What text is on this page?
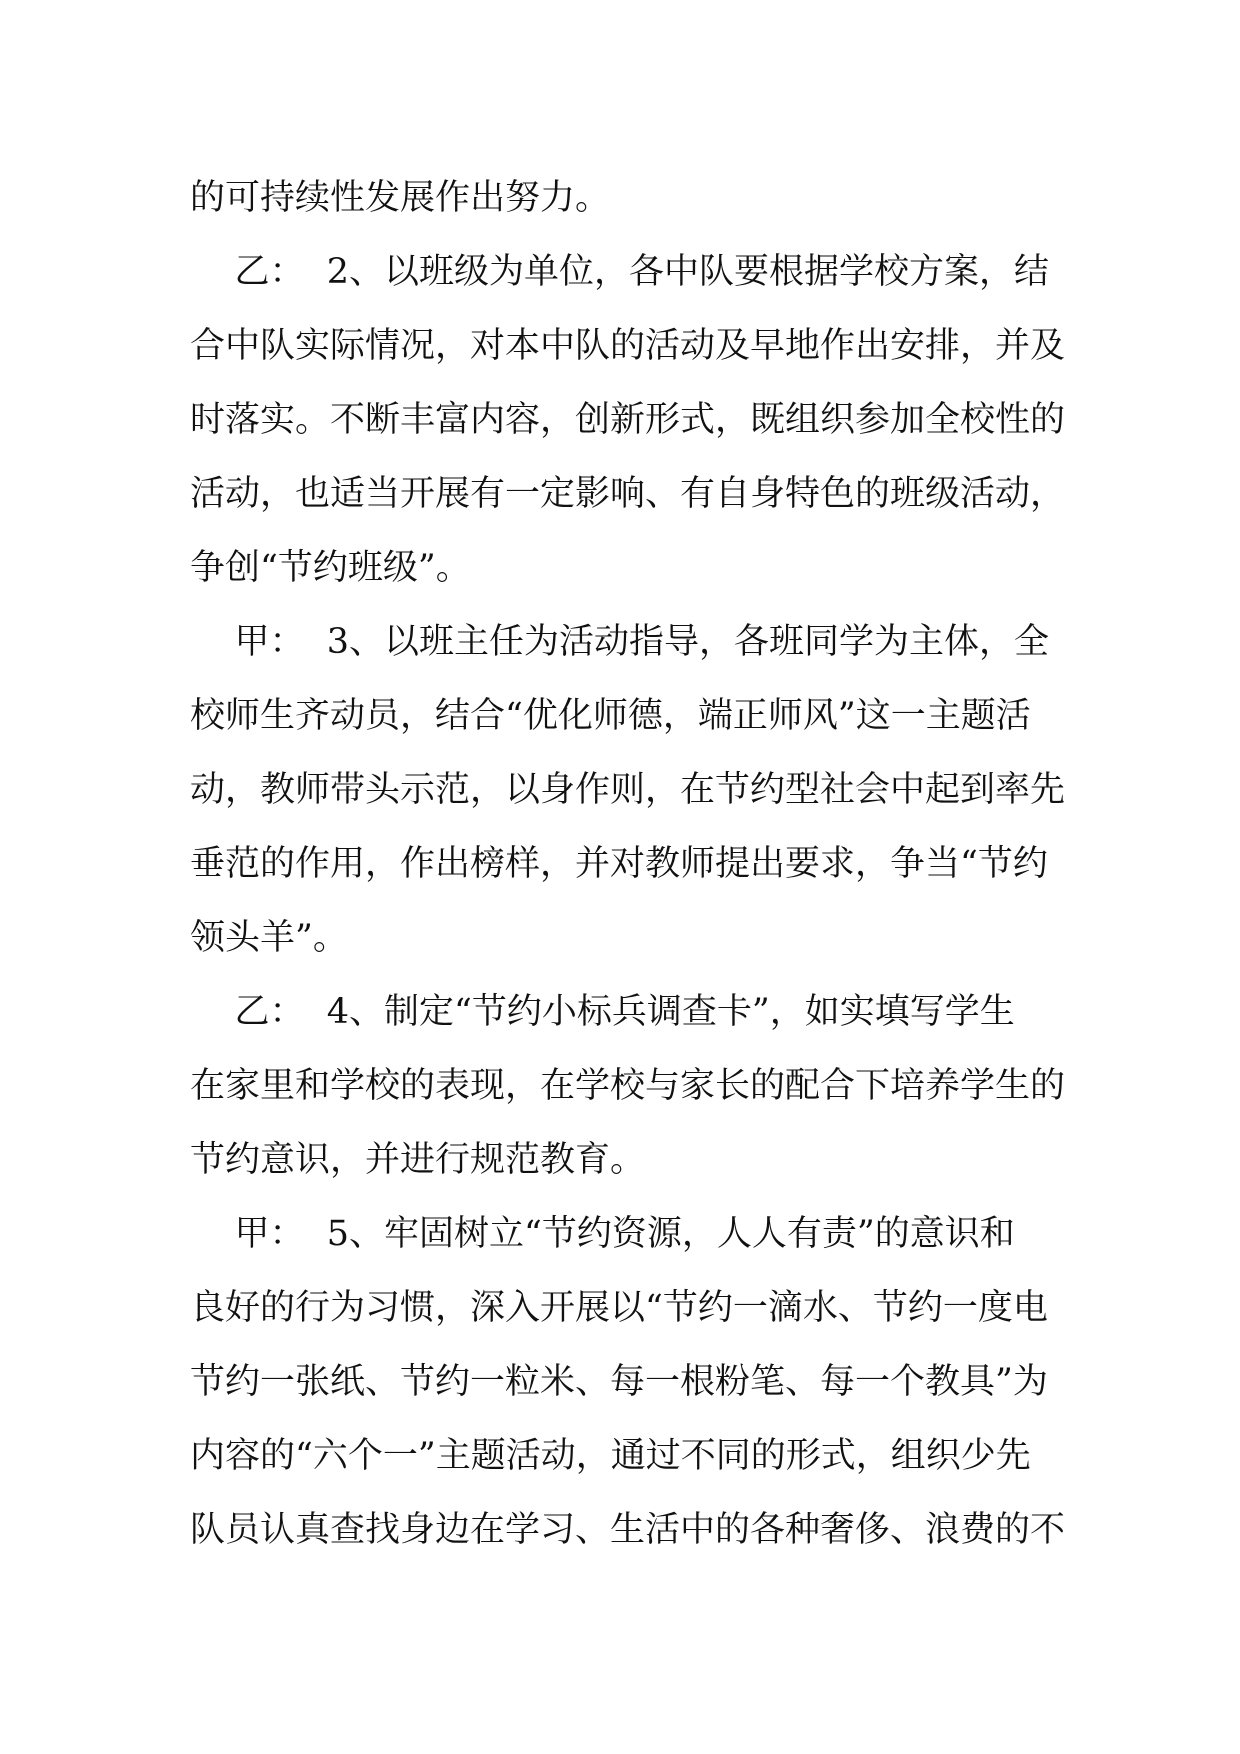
的可持续性发展作出努力。

乙：  2、以班级为单位，各中队要根据学校方案，结

合中队实际情况，对本中队的活动及早地作出安排，并及

时落实。不断丰富内容，创新形式，既组织参加全校性的

活动，也适当开展有一定影响、有自身特色的班级活动，

争创“节约班级”。

甲：  3、以班主任为活动指导，各班同学为主体，全

校师生齐动员，结合“优化师德，端正师风”这一主题活

动，教师带头示范，以身作则，在节约型社会中起到率先

垂范的作用，作出榜样，并对教师提出要求，争当“节约

领头羊”。

乙：  4、制定“节约小标兵调查卡”，如实填写学生

在家里和学校的表现，在学校与家长的配合下培养学生的

节约意识，并进行规范教育。

甲：  5、牢固树立“节约资源，人人有责”的意识和

良好的行为习惯，深入开展以“节约一滴水、节约一度电

节约一张纸、节约一粒米、每一根粉笔、每一个教具”为

内容的“六个一”主题活动，通过不同的形式，组织少先

队员认真查找身边在学习、生活中的各种奢侈、浪费的不
